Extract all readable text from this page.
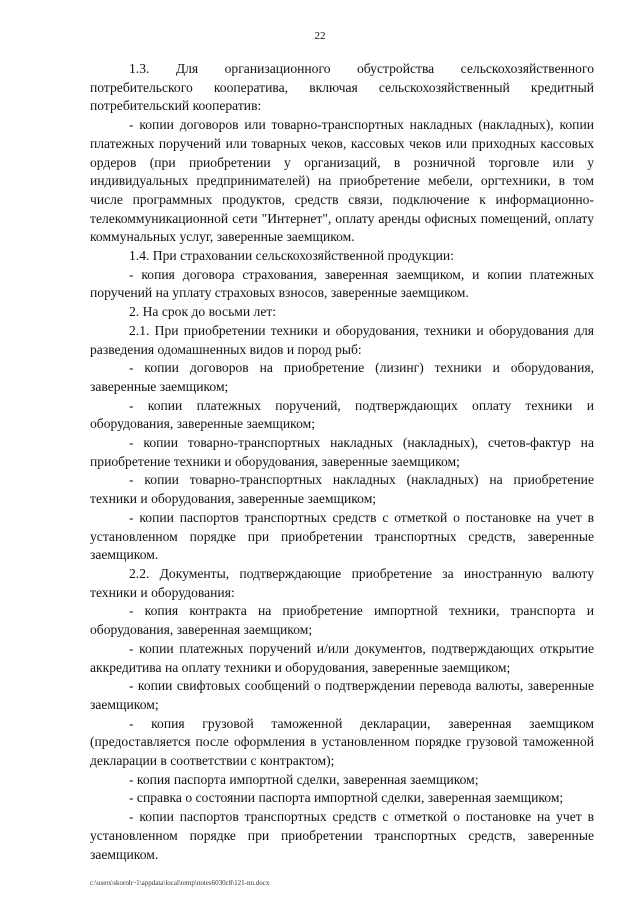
22

1.3. Для организационного обустройства сельскохозяйственного потребительского кооператива, включая сельскохозяйственный кредитный потребительский кооператив:

- копии договоров или товарно-транспортных накладных (накладных), копии платежных поручений или товарных чеков, кассовых чеков или приходных кассовых ордеров (при приобретении у организаций, в розничной торговле или у индивидуальных предпринимателей) на приобретение мебели, оргтехники, в том числе программных продуктов, средств связи, подключение к информационно-телекоммуникационной сети "Интернет", оплату аренды офисных помещений, оплату коммунальных услуг, заверенные заемщиком.

1.4. При страховании сельскохозяйственной продукции:

- копия договора страхования, заверенная заемщиком, и копии платежных поручений на уплату страховых взносов, заверенные заемщиком.

2. На срок до восьми лет:

2.1. При приобретении техники и оборудования, техники и оборудования для разведения одомашненных видов и пород рыб:

- копии договоров на приобретение (лизинг) техники и оборудования, заверенные заемщиком;

- копии платежных поручений, подтверждающих оплату техники и оборудования, заверенные заемщиком;

- копии товарно-транспортных накладных (накладных), счетов-фактур на приобретение техники и оборудования, заверенные заемщиком;

- копии товарно-транспортных накладных (накладных) на приобретение техники и оборудования, заверенные заемщиком;

- копии паспортов транспортных средств с отметкой о постановке на учет в установленном порядке при приобретении транспортных средств, заверенные заемщиком.

2.2. Документы, подтверждающие приобретение за иностранную валюту техники и оборудования:

- копия контракта на приобретение импортной техники, транспорта и оборудования, заверенная заемщиком;

- копии платежных поручений и/или документов, подтверждающих открытие аккредитива на оплату техники и оборудования, заверенные заемщиком;

- копии свифтовых сообщений о подтверждении перевода валюты, заверенные заемщиком;

- копия грузовой таможенной декларации, заверенная заемщиком (предоставляется после оформления в установленном порядке грузовой таможенной декларации в соответствии с контрактом);

- копия паспорта импортной сделки, заверенная заемщиком;

- справка о состоянии паспорта импортной сделки, заверенная заемщиком;

- копии паспортов транспортных средств с отметкой о постановке на учет в установленном порядке при приобретении транспортных средств, заверенные заемщиком.

c:\users\skoroh~1\appdata\local\temp\notes6030c8\121-nn.docx
